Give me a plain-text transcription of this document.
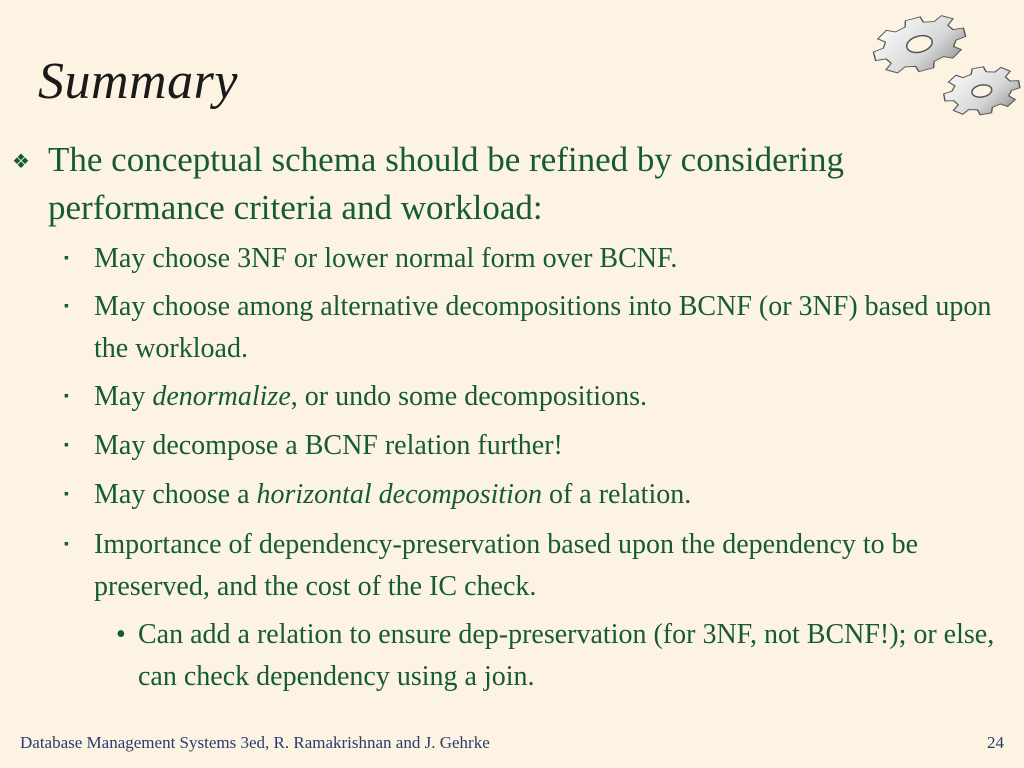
Summary
❖ The conceptual schema should be refined by considering performance criteria and workload:
▪ May choose 3NF or lower normal form over BCNF.
▪ May choose among alternative decompositions into BCNF (or 3NF) based upon the workload.
▪ May denormalize, or undo some decompositions.
▪ May decompose a BCNF relation further!
▪ May choose a horizontal decomposition of a relation.
▪ Importance of dependency-preservation based upon the dependency to be preserved, and the cost of the IC check.
• Can add a relation to ensure dep-preservation (for 3NF, not BCNF!); or else, can check dependency using a join.
Database Management Systems 3ed, R. Ramakrishnan and J. Gehrke	24
